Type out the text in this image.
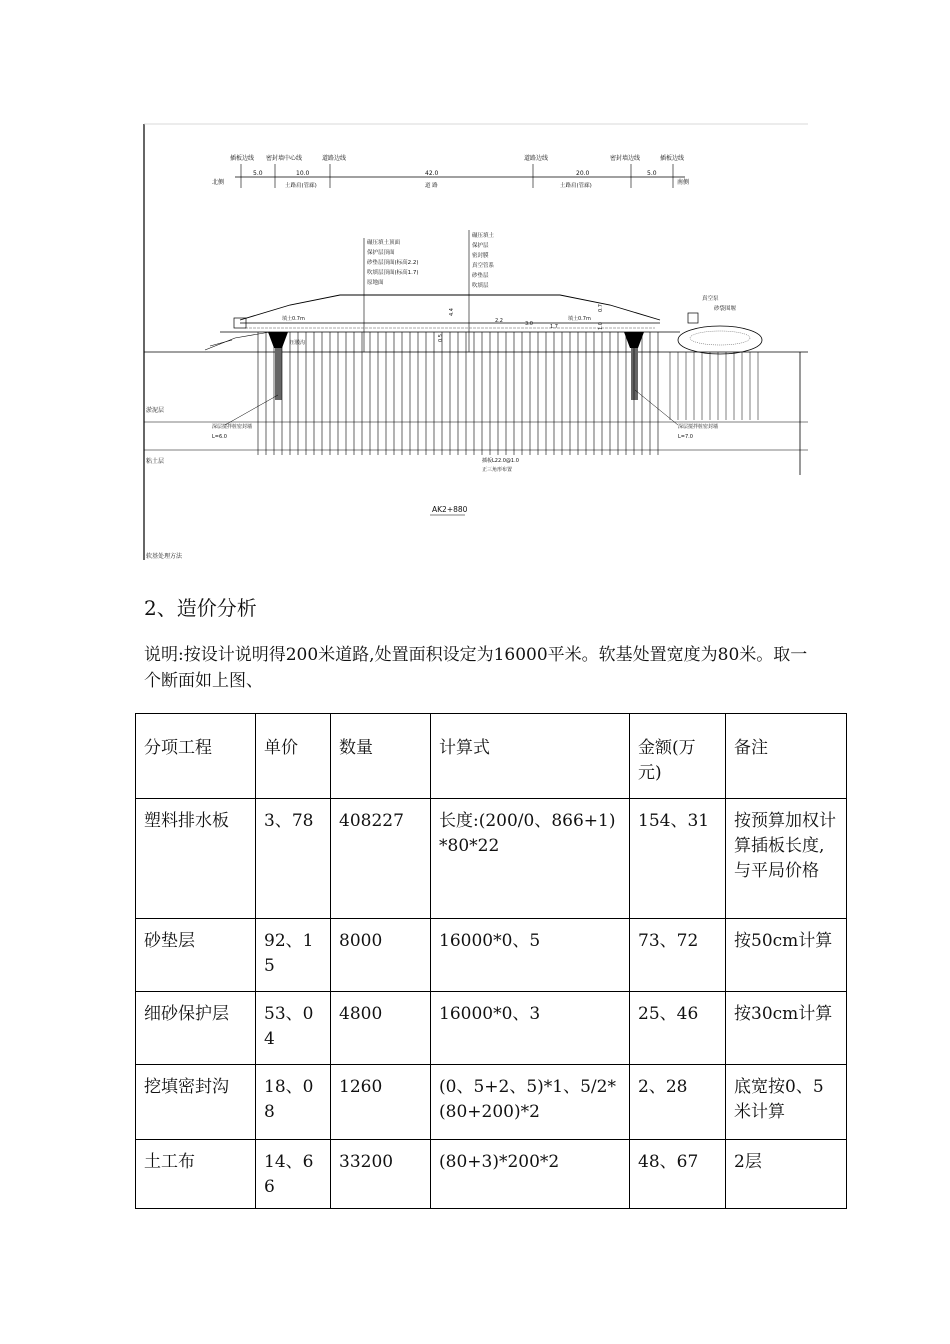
插板边线 密封墙中心线	道路边线	道路边线	密封墙边线	插板边线
5.0	10.0	42.0	20.0	5.0
北侧	南侧
土路肩(管廊)	道 路	土路肩(管廊)
碾压填土顶面
保护层顶面
砂垫层顶面(标高2.2)
吹填层顶面(标高1.7)
原地面
碾压填土
保护层
密封膜
真空管系
砂垫层
吹填层
填土0.7m	填土0.7m
2.2	3.0	1.7
4.4
0.5
0.7
1.0
真空泵
砂袋围堰
压膜沟
淤泥层
粘土层
深层搅拌桩密封墙
L=6.0
深层搅拌桩密封墙
L=7.0
插板L22.0@1.0
正三角形布置
AK2+880
软基处理方法
2、造价分析
说明:按设计说明得200米道路,处置面积设定为16000平米。软基处置宽度为80米。取一个断面如上图、
分项工程	单价	数量	计算式	金额(万元)	备注
塑料排水板	3、78	408227	长度:(200/0、866+1)*80*22	154、31	按预算加权计算插板长度,与平局价格
砂垫层	92、15	8000	16000*0、5	73、72	按50cm计算
细砂保护层	53、04	4800	16000*0、3	25、46	按30cm计算
挖填密封沟	18、08	1260	(0、5+2、5)*1、5/2*(80+200)*2	2、28	底宽按0、5米计算
土工布	14、66	33200	(80+3)*200*2	48、67	2层
